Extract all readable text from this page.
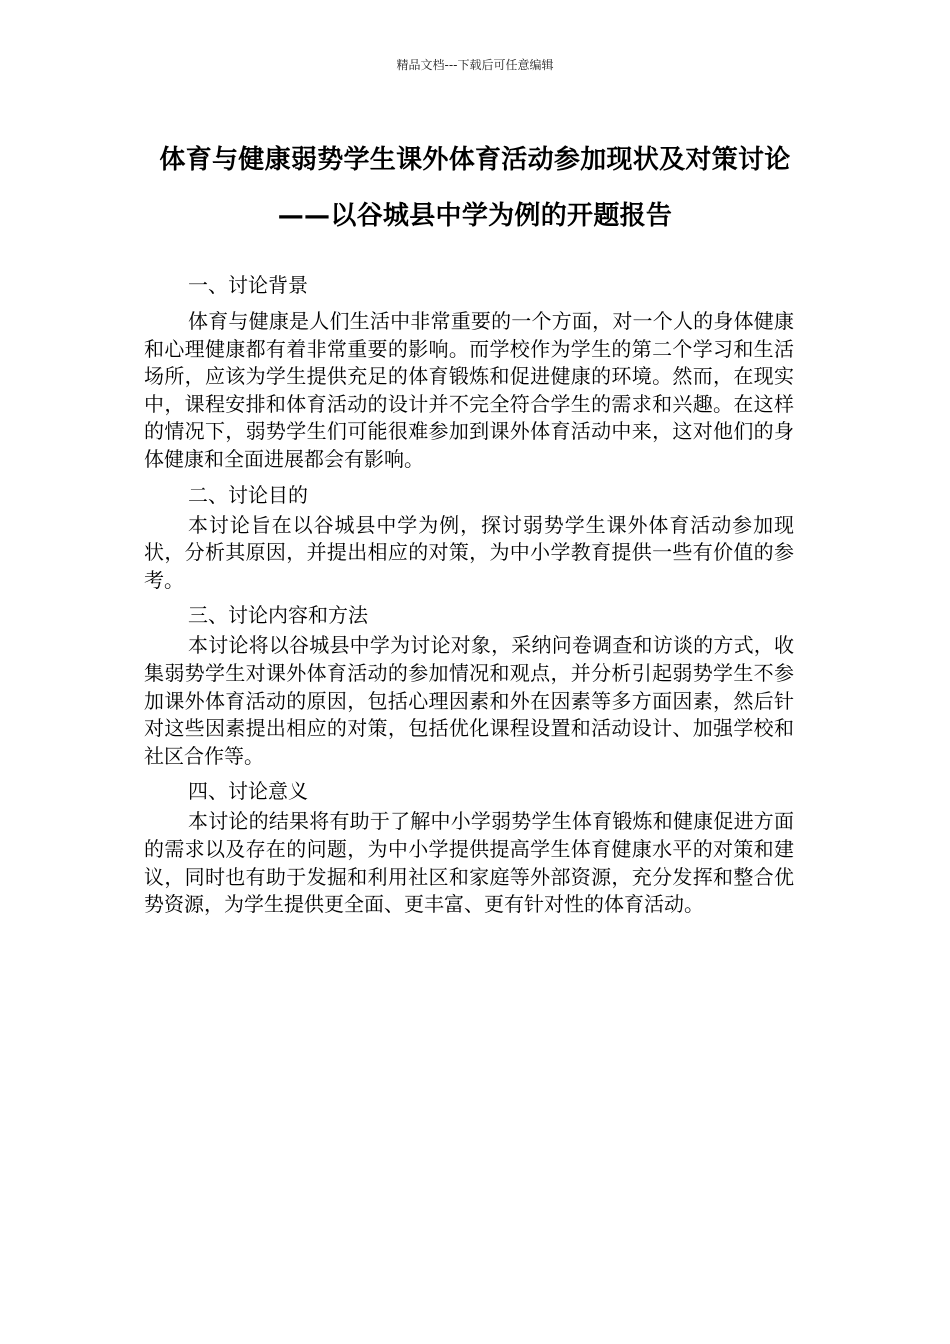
精品文档---下载后可任意编辑
体育与健康弱势学生课外体育活动参加现状及对策讨论——以谷城县中学为例的开题报告
一、讨论背景

体育与健康是人们生活中非常重要的一个方面，对一个人的身体健康和心理健康都有着非常重要的影响。而学校作为学生的第二个学习和生活场所，应该为学生提供充足的体育锻炼和促进健康的环境。然而，在现实中，课程安排和体育活动的设计并不完全符合学生的需求和兴趣。在这样的情况下，弱势学生们可能很难参加到课外体育活动中来，这对他们的身体健康和全面进展都会有影响。

二、讨论目的

本讨论旨在以谷城县中学为例，探讨弱势学生课外体育活动参加现状，分析其原因，并提出相应的对策，为中小学教育提供一些有价值的参考。

三、讨论内容和方法

本讨论将以谷城县中学为讨论对象，采纳问卷调查和访谈的方式，收集弱势学生对课外体育活动的参加情况和观点，并分析引起弱势学生不参加课外体育活动的原因，包括心理因素和外在因素等多方面因素，然后针对这些因素提出相应的对策，包括优化课程设置和活动设计、加强学校和社区合作等。

四、讨论意义

本讨论的结果将有助于了解中小学弱势学生体育锻炼和健康促进方面的需求以及存在的问题，为中小学提供提高学生体育健康水平的对策和建议，同时也有助于发掘和利用社区和家庭等外部资源，充分发挥和整合优势资源，为学生提供更全面、更丰富、更有针对性的体育活动。
